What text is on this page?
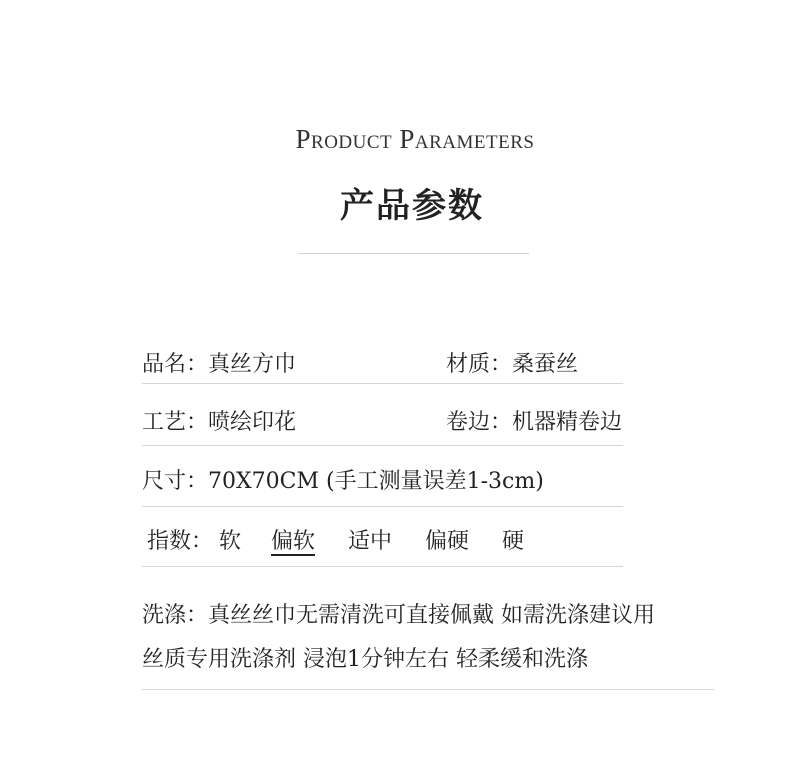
Product Parameters
产品参数
品名：真丝方巾	材质：桑蚕丝
工艺：喷绘印花	卷边：机器精卷边
尺寸：70X70CM (手工测量误差1-3cm)
指数： 软 偏软 适中 偏硬 硬
洗涤：真丝丝巾无需清洗可直接佩戴 如需洗涤建议用
丝质专用洗涤剂 浸泡1分钟左右 轻柔缓和洗涤
